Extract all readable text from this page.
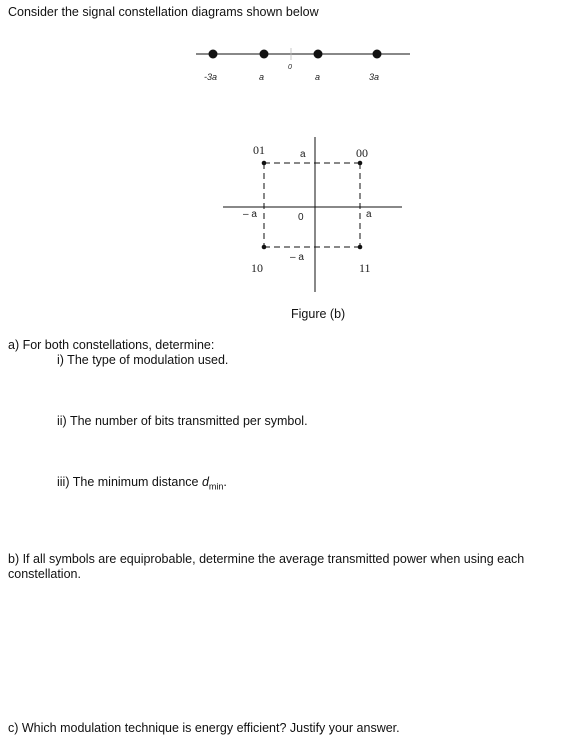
Consider the signal constellation diagrams shown below
-3a	a
0
a	3a
01	00
10	11
a
– a	0	a
– a
Figure (b)
a) For both constellations, determine:
i) The type of modulation used.
ii) The number of bits transmitted per symbol.
iii) The minimum distance $d_{min}$.
b) If all symbols are equiprobable, determine the average transmitted power when using each constellation.
c) Which modulation technique is energy efficient? Justify your answer.
